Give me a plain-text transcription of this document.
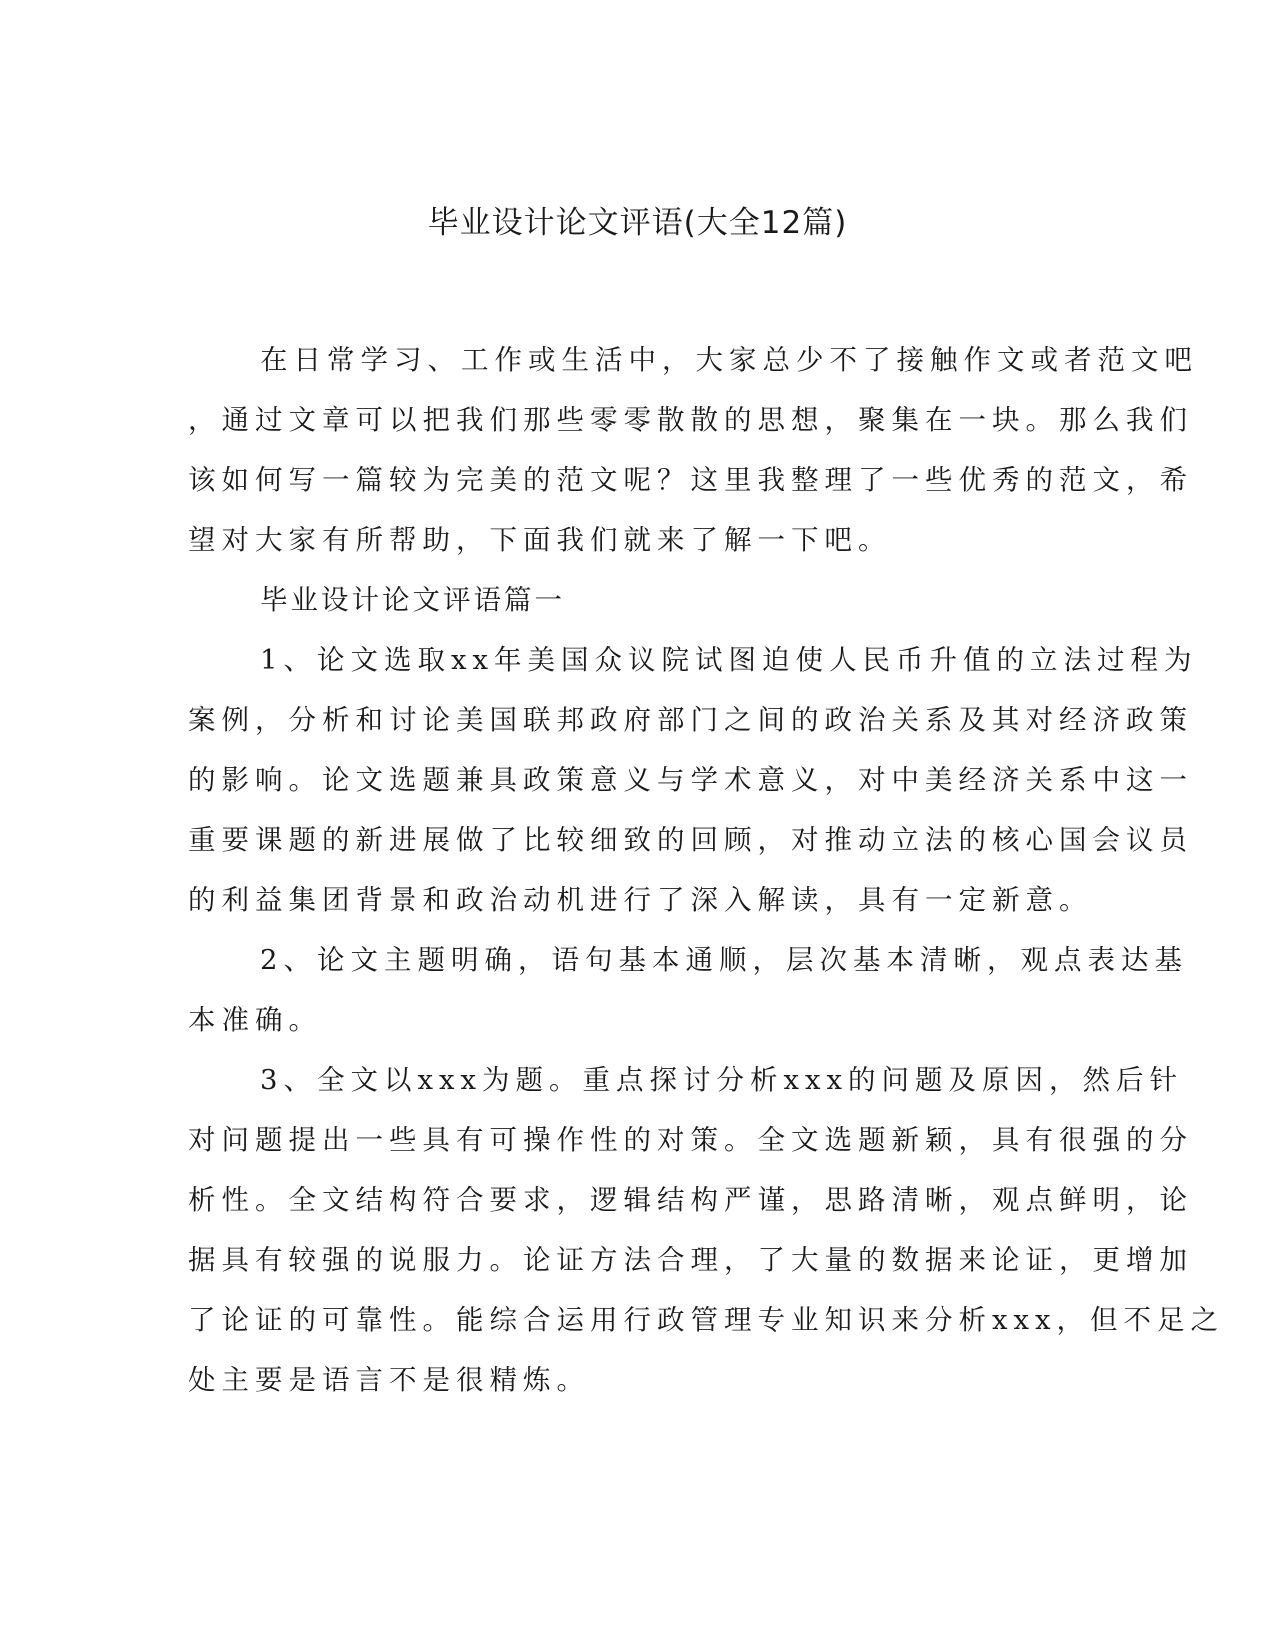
毕业设计论文评语(大全12篇)
在日常学习、工作或生活中，大家总少不了接触作文或者范文吧
，通过文章可以把我们那些零零散散的思想，聚集在一块。那么我们
该如何写一篇较为完美的范文呢？这里我整理了一些优秀的范文，希
望对大家有所帮助，下面我们就来了解一下吧。
毕业设计论文评语篇一
1、论文选取xx年美国众议院试图迫使人民币升值的立法过程为
案例，分析和讨论美国联邦政府部门之间的政治关系及其对经济政策
的影响。论文选题兼具政策意义与学术意义，对中美经济关系中这一
重要课题的新进展做了比较细致的回顾，对推动立法的核心国会议员
的利益集团背景和政治动机进行了深入解读，具有一定新意。
2、论文主题明确，语句基本通顺，层次基本清晰，观点表达基
本准确。
3、全文以xxx为题。重点探讨分析xxx的问题及原因，然后针
对问题提出一些具有可操作性的对策。全文选题新颖，具有很强的分
析性。全文结构符合要求，逻辑结构严谨，思路清晰，观点鲜明，论
据具有较强的说服力。论证方法合理，了大量的数据来论证，更增加
了论证的可靠性。能综合运用行政管理专业知识来分析xxx，但不足之
处主要是语言不是很精炼。
